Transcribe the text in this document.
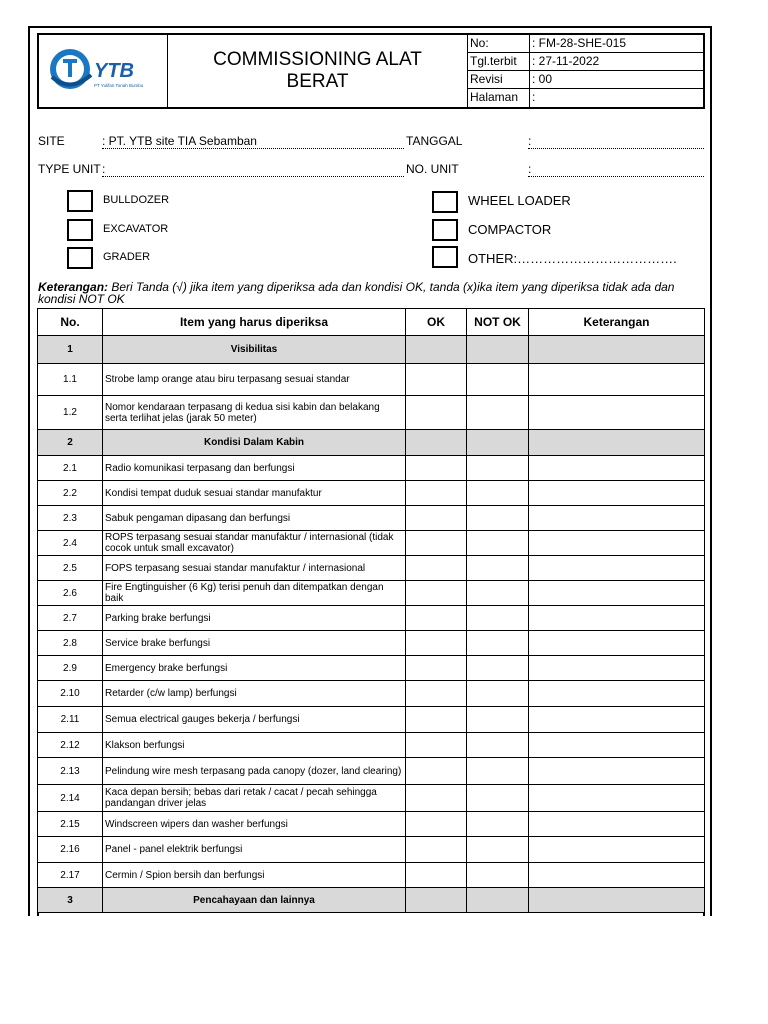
YTB
PT Yulifan Tonah Bumbu
COMMISSIONING ALAT
BERAT
No:	: FM-28-SHE-015
Tgl.terbit	: 27-11-2022
Revisi	: 00
Halaman	:
SITE	: PT. YTB site TIA Sebamban	TANGGAL	:
TYPE UNIT :	NO. UNIT	:
BULLDOZER
EXCAVATOR
GRADER
WHEEL LOADER
COMPACTOR
OTHER:……………………………….
Keterangan: Beri Tanda (√) jika item yang diperiksa ada dan kondisi OK, tanda (x)ika item yang diperiksa tidak ada dan kondisi NOT OK
No.	Item yang harus diperiksa	OK	NOT OK	Keterangan
1	Visibilitas			
1.1	Strobe lamp orange atau biru terpasang sesuai standar			
1.2	Nomor kendaraan terpasang di kedua sisi kabin dan belakang serta terlihat jelas (jarak 50 meter)			
2	Kondisi Dalam Kabin			
2.1	Radio komunikasi terpasang dan berfungsi			
2.2	Kondisi tempat duduk sesuai standar manufaktur			
2.3	Sabuk pengaman dipasang dan berfungsi			
2.4	ROPS terpasang sesuai standar manufaktur / internasional (tidak cocok untuk small excavator)			
2.5	FOPS terpasang sesuai standar manufaktur / internasional			
2.6	Fire Engtinguisher (6 Kg) terisi penuh dan ditempatkan dengan baik			
2.7	Parking brake berfungsi			
2.8	Service brake berfungsi			
2.9	Emergency brake berfungsi			
2.10	Retarder (c/w lamp) berfungsi			
2.11	Semua electrical gauges bekerja / berfungsi			
2.12	Klakson berfungsi			
2.13	Pelindung wire mesh terpasang pada canopy (dozer, land clearing)			
2.14	Kaca depan bersih; bebas dari retak / cacat / pecah sehingga pandangan driver jelas			
2.15	Windscreen wipers dan washer berfungsi			
2.16	Panel - panel elektrik berfungsi			
2.17	Cermin / Spion bersih dan berfungsi			
3	Pencahayaan dan lainnya			
